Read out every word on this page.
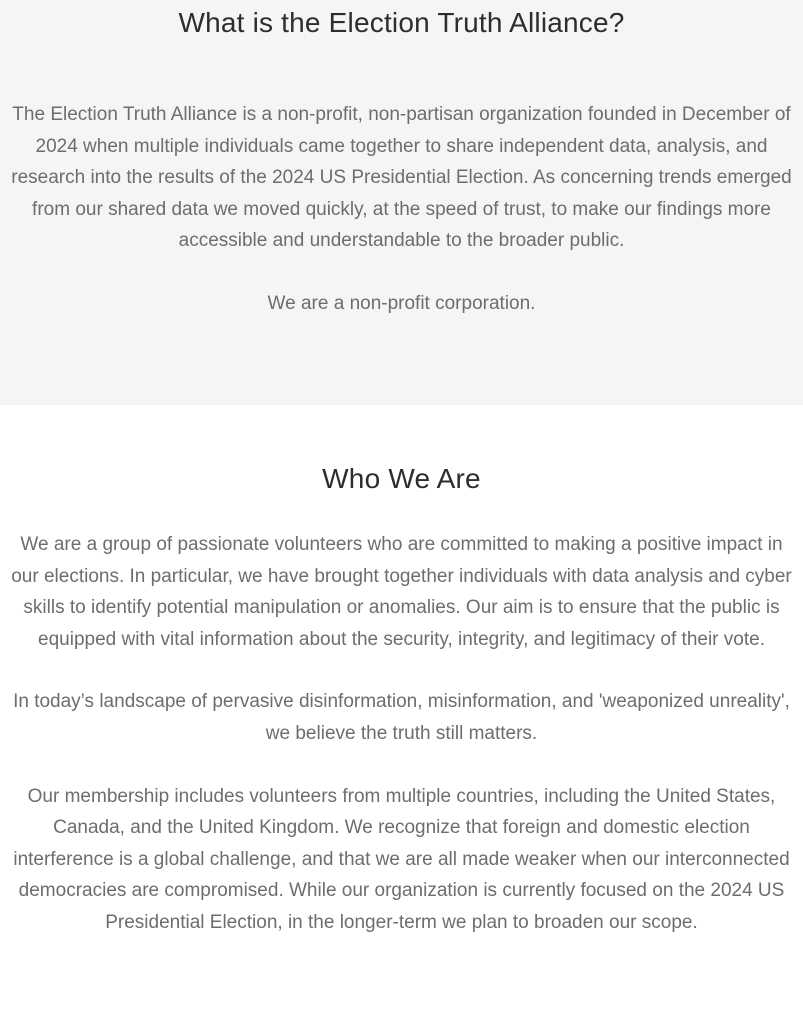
What is the Election Truth Alliance?

The Election Truth Alliance is a non-profit, non-partisan organization founded in December of 2024 when multiple individuals came together to share independent data, analysis, and research into the results of the 2024 US Presidential Election. As concerning trends emerged from our shared data we moved quickly, at the speed of trust, to make our findings more accessible and understandable to the broader public.

We are a non-profit corporation.

Who We Are

We are a group of passionate volunteers who are committed to making a positive impact in our elections. In particular, we have brought together individuals with data analysis and cyber skills to identify potential manipulation or anomalies. Our aim is to ensure that the public is equipped with vital information about the security, integrity, and legitimacy of their vote.

In today’s landscape of pervasive disinformation, misinformation, and 'weaponized unreality', we believe the truth still matters.

Our membership includes volunteers from multiple countries, including the United States, Canada, and the United Kingdom. We recognize that foreign and domestic election interference is a global challenge, and that we are all made weaker when our interconnected democracies are compromised. While our organization is currently focused on the 2024 US Presidential Election, in the longer-term we plan to broaden our scope.
